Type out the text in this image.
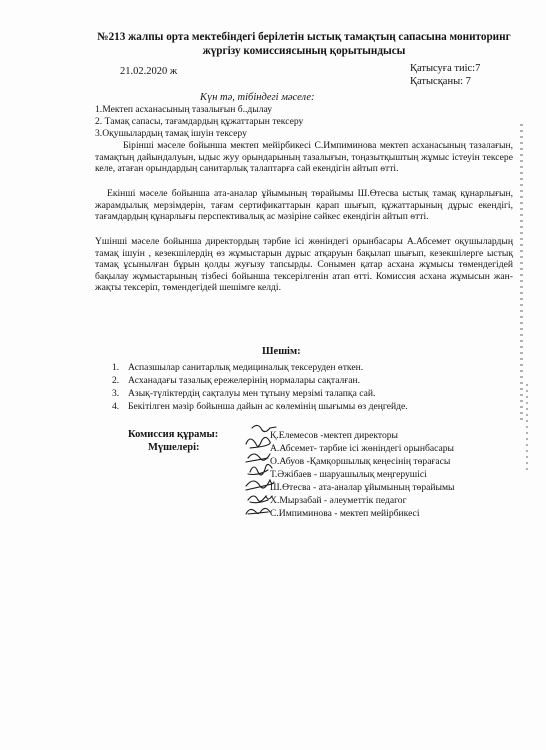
№213 жалпы орта мектебіндегі берілетін ыстық тамақтың сапасына мониторинг
жүргізу комиссиясының қорытындысы
21.02.2020 ж	Қатысуға тиіс:7
Қатысқаны: 7
Күн тә, тібіндегі мәселе:
1.Мектеп асханасының тазалығын б..дылау
2. Тамақ сапасы, тағамдардың құжаттарын тексеру
3.Оқушылардың тамақ ішуін тексеру
Бірінші мәселе бойынша мектеп мейірбикесі С.Импиминова мектеп асханасының тазалағын, тамақтың дайындалуын, ыдыс жуу орындарының тазалығын, тоңазытқыштың жұмыс істеуін тексере келе, атаған орындардың санитарлық талаптарға сай екендігін айтып өтті.
Екінші мәселе бойынша ата-аналар ұйымының төрайымы Ш.Өтесва ыстық тамақ құнарлығын, жарамдылық мерзімдерін, тағам сертификаттарын қарап шығып, құжаттарының дұрыс екендігі, тағамдардың құнарлығы перспективалық ас мәзіріне сәйкес екендігін айтып өтті.
Үшінші мәселе бойынша директордың тәрбие ісі жөніндегі орынбасары А.Абсемет оқушылардың тамақ ішуін , кезекшілердің өз жұмыстарын дұрыс атқаруын бақылап шығып, кезекшілерге ыстық тамақ ұсынылған бұрын қолды жуғызу тапсырды. Сонымен қатар асхана жұмысы төмендегідей бақылау жұмыстарының тізбесі бойынша тексерілгенін атап өтті. Комиссия асхана жұмысын жан-жақты тексеріп, төмендегідей шешімге келді.
Шешім:
1. Аспазшылар санитарлық медициналық тексеруден өткен.
2. Асханадағы тазалық ережелерінің нормалары сақталған.
3. Азық-түліктердің сақталуы мен тұтыну мерзімі талапқа сай.
4. Бекітілген мәзір бойынша дайын ас көлемінің шығымы өз деңгейде.
Комиссия құрамы:
Мүшелері:
Қ.Елемесов -мектеп директоры
А.Абсемет- тәрбие ісі жөніндегі орынбасары
О.Абуов -Қамқоршылық кеңесінің төрағасы
Т.Әжібаев - шаруашылық меңгерушісі
Ш.Өтесва - ата-аналар ұйымының төрайымы
Х.Мырзабай - әлеуметтік педагог
С.Импиминова - мектеп мейірбикесі
